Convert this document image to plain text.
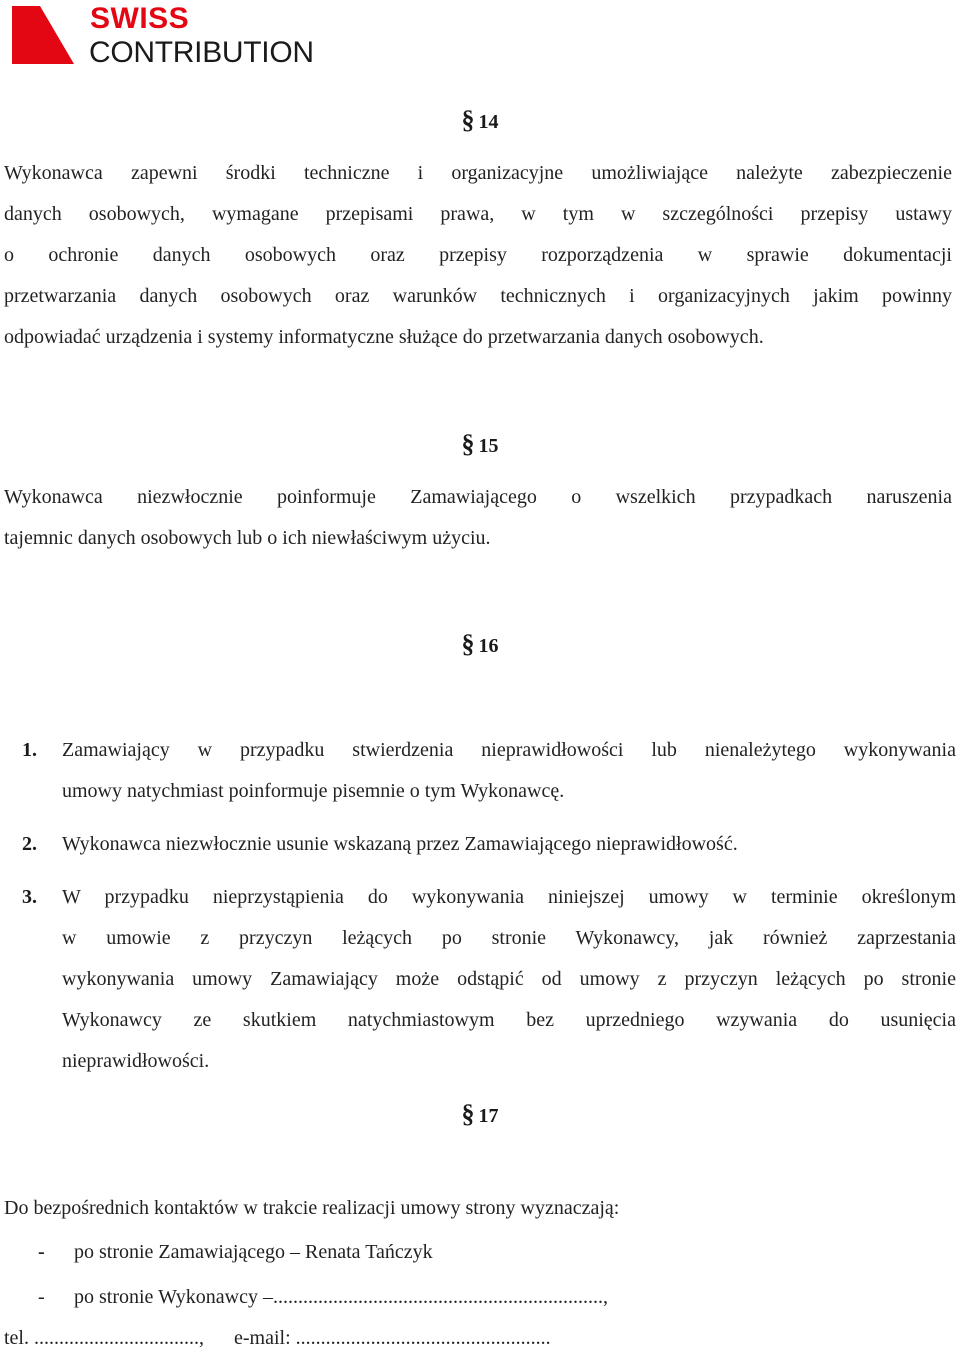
SWISS
CONTRIBUTION
§ 14
Wykonawca zapewni środki techniczne i organizacyjne umożliwiające należyte zabezpieczenie
danych osobowych, wymagane przepisami prawa, w tym w szczególności przepisy ustawy
o ochronie danych osobowych oraz przepisy rozporządzenia w sprawie dokumentacji
przetwarzania danych osobowych oraz warunków technicznych i organizacyjnych jakim powinny
odpowiadać urządzenia i systemy informatyczne służące do przetwarzania danych osobowych.
§ 15
Wykonawca niezwłocznie poinformuje Zamawiającego o wszelkich przypadkach naruszenia
tajemnic danych osobowych lub o ich niewłaściwym użyciu.
§ 16
1. Zamawiający w przypadku stwierdzenia nieprawidłowości lub nienależytego wykonywania
umowy natychmiast poinformuje pisemnie o tym Wykonawcę.
2. Wykonawca niezwłocznie usunie wskazaną przez Zamawiającego nieprawidłowość.
3. W przypadku nieprzystąpienia do wykonywania niniejszej umowy w terminie określonym
w umowie z przyczyn leżących po stronie Wykonawcy, jak również zaprzestania
wykonywania umowy Zamawiający może odstąpić od umowy z przyczyn leżących po stronie
Wykonawcy ze skutkiem natychmiastowym bez uprzedniego wzywania do usunięcia
nieprawidłowości.
§ 17
Do bezpośrednich kontaktów w trakcie realizacji umowy strony wyznaczają:
- po stronie Zamawiającego – Renata Tańczyk
- po stronie Wykonawcy –..................................................................,
tel. .................................,      e-mail: ...................................................
